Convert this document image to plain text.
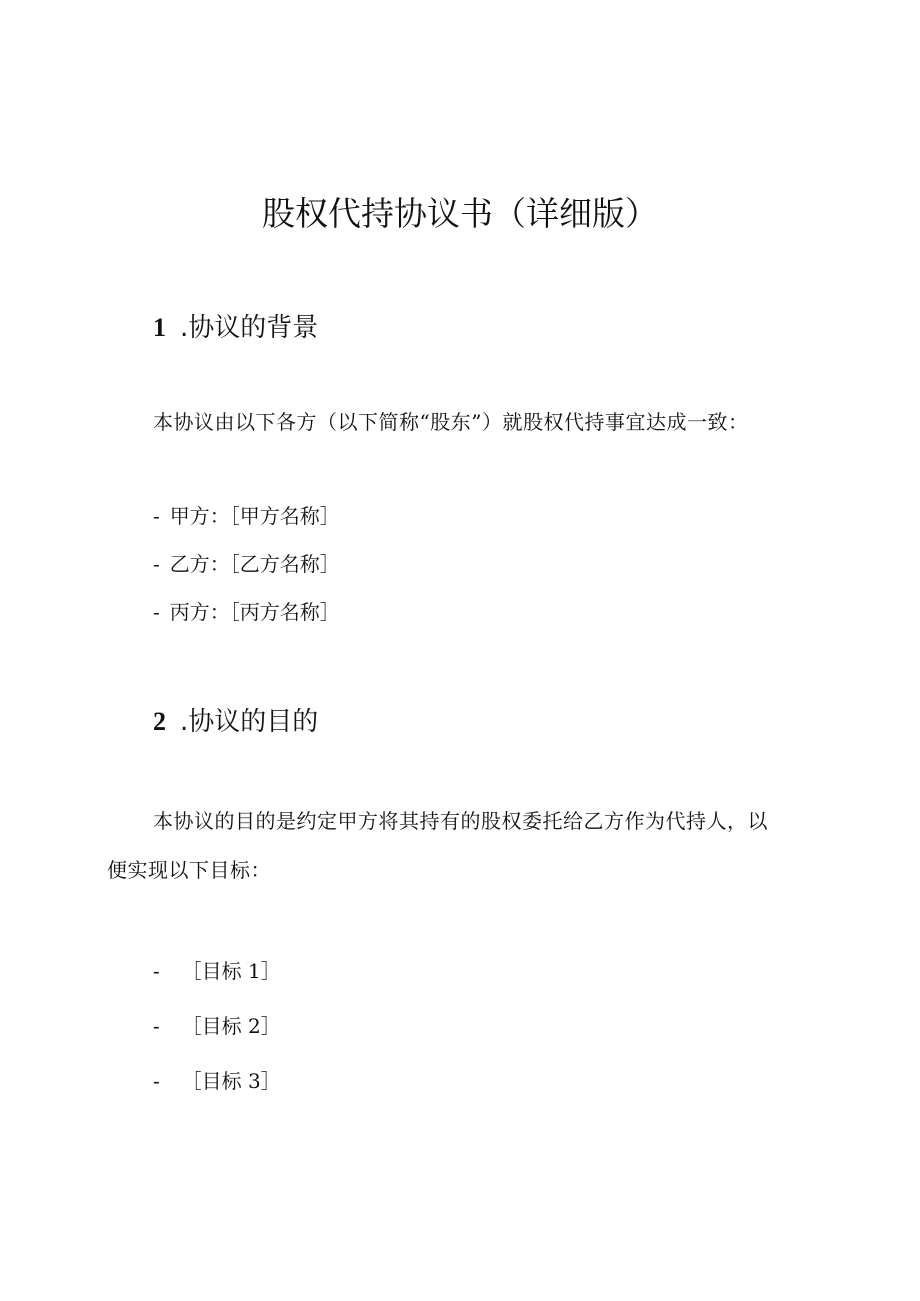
股权代持协议书（详细版）
1 .协议的背景

本协议由以下各方（以下简称“股东”）就股权代持事宜达成一致：

- 甲方：［甲方名称］
- 乙方：［乙方名称］
- 丙方：［丙方名称］
2 .协议的目的

本协议的目的是约定甲方将其持有的股权委托给乙方作为代持人，以

便实现以下目标：

- ［目标 1］
- ［目标 2］
- ［目标 3］
